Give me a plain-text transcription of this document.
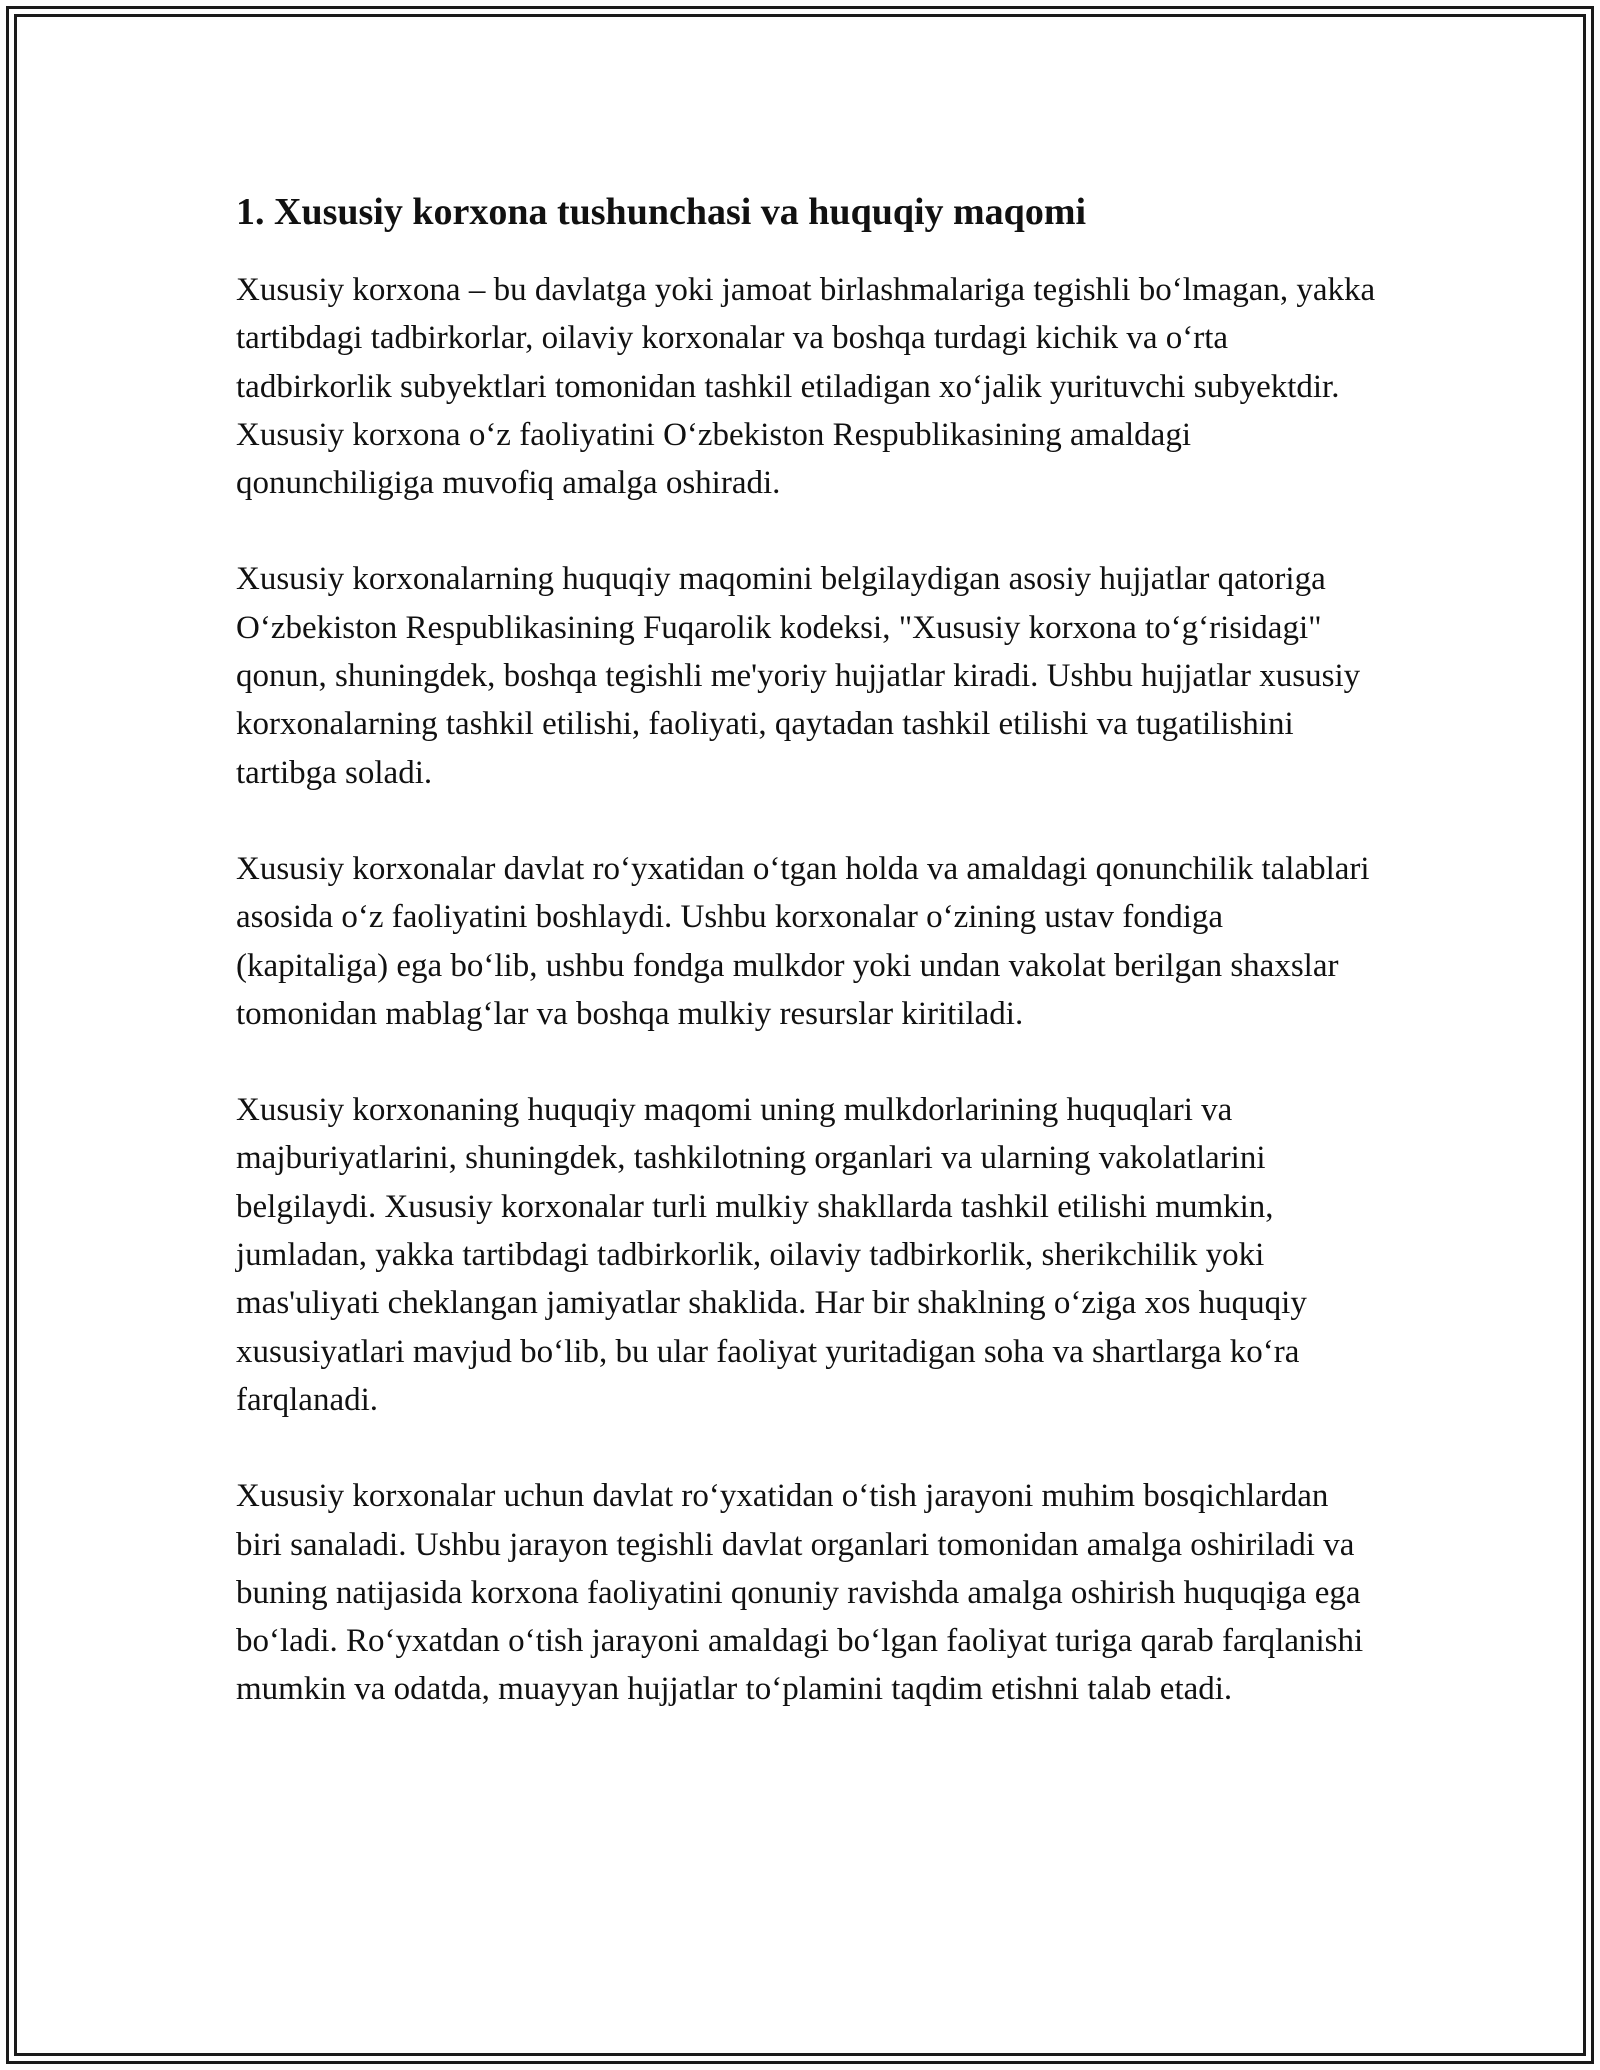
1. Xususiy korxona tushunchasi va huquqiy maqomi

Xususiy korxona – bu davlatga yoki jamoat birlashmalariga tegishli bo‘lmagan, yakka tartibdagi tadbirkorlar, oilaviy korxonalar va boshqa turdagi kichik va o‘rta tadbirkorlik subyektlari tomonidan tashkil etiladigan xo‘jalik yurituvchi subyektdir. Xususiy korxona o‘z faoliyatini O‘zbekiston Respublikasining amaldagi qonunchiligiga muvofiq amalga oshiradi.

Xususiy korxonalarning huquqiy maqomini belgilaydigan asosiy hujjatlar qatoriga O‘zbekiston Respublikasining Fuqarolik kodeksi, "Xususiy korxona to‘g‘risidagi" qonun, shuningdek, boshqa tegishli me'yoriy hujjatlar kiradi. Ushbu hujjatlar xususiy korxonalarning tashkil etilishi, faoliyati, qaytadan tashkil etilishi va tugatilishini tartibga soladi.

Xususiy korxonalar davlat ro‘yxatidan o‘tgan holda va amaldagi qonunchilik talablari asosida o‘z faoliyatini boshlaydi. Ushbu korxonalar o‘zining ustav fondiga (kapitaliga) ega bo‘lib, ushbu fondga mulkdor yoki undan vakolat berilgan shaxslar tomonidan mablag‘lar va boshqa mulkiy resurslar kiritiladi.

Xususiy korxonaning huquqiy maqomi uning mulkdorlarining huquqlari va majburiyatlarini, shuningdek, tashkilotning organlari va ularning vakolatlarini belgilaydi. Xususiy korxonalar turli mulkiy shakllarda tashkil etilishi mumkin, jumladan, yakka tartibdagi tadbirkorlik, oilaviy tadbirkorlik, sherikchilik yoki mas'uliyati cheklangan jamiyatlar shaklida. Har bir shaklning o‘ziga xos huquqiy xususiyatlari mavjud bo‘lib, bu ular faoliyat yuritadigan soha va shartlarga ko‘ra farqlanadi.

Xususiy korxonalar uchun davlat ro‘yxatidan o‘tish jarayoni muhim bosqichlardan biri sanaladi. Ushbu jarayon tegishli davlat organlari tomonidan amalga oshiriladi va buning natijasida korxona faoliyatini qonuniy ravishda amalga oshirish huquqiga ega bo‘ladi. Ro‘yxatdan o‘tish jarayoni amaldagi bo‘lgan faoliyat turiga qarab farqlanishi mumkin va odatda, muayyan hujjatlar to‘plamini taqdim etishni talab etadi.
